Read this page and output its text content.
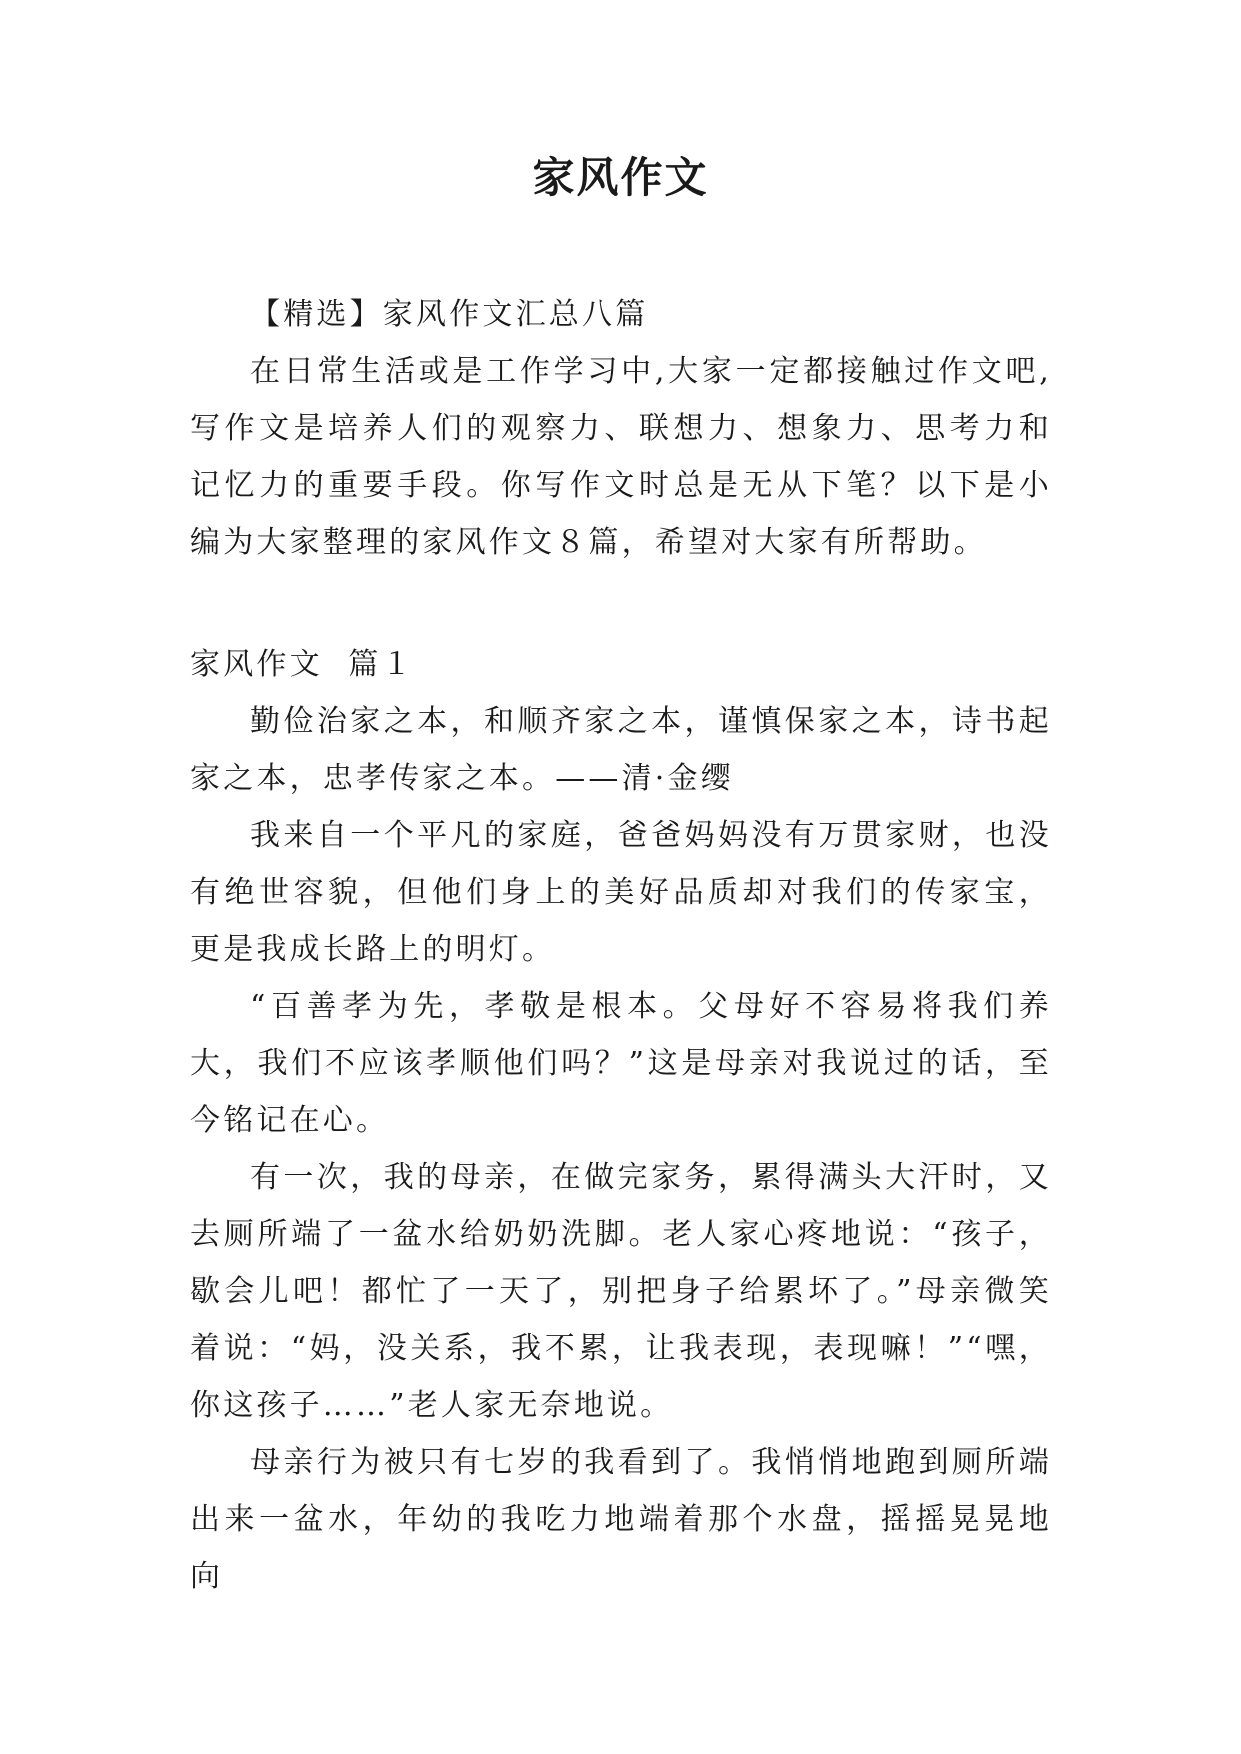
家风作文

【精选】家风作文汇总八篇

在日常生活或是工作学习中,大家一定都接触过作文吧,写作文是培养人们的观察力、联想力、想象力、思考力和记忆力的重要手段。你写作文时总是无从下笔？以下是小编为大家整理的家风作文８篇，希望对大家有所帮助。

家风作文  篇１

勤俭治家之本，和顺齐家之本，谨慎保家之本，诗书起家之本，忠孝传家之本。——清·金缨

我来自一个平凡的家庭，爸爸妈妈没有万贯家财，也没有绝世容貌，但他们身上的美好品质却对我们的传家宝，更是我成长路上的明灯。

“百善孝为先，孝敬是根本。父母好不容易将我们养大，我们不应该孝顺他们吗？”这是母亲对我说过的话，至今铭记在心。

有一次，我的母亲，在做完家务，累得满头大汗时，又去厕所端了一盆水给奶奶洗脚。老人家心疼地说：“孩子，歇会儿吧！都忙了一天了，别把身子给累坏了。”母亲微笑着说：“妈，没关系，我不累，让我表现，表现嘛！”“嘿，你这孩子……”老人家无奈地说。

母亲行为被只有七岁的我看到了。我悄悄地跑到厕所端出来一盆水，年幼的我吃力地端着那个水盘，摇摇晃晃地向
